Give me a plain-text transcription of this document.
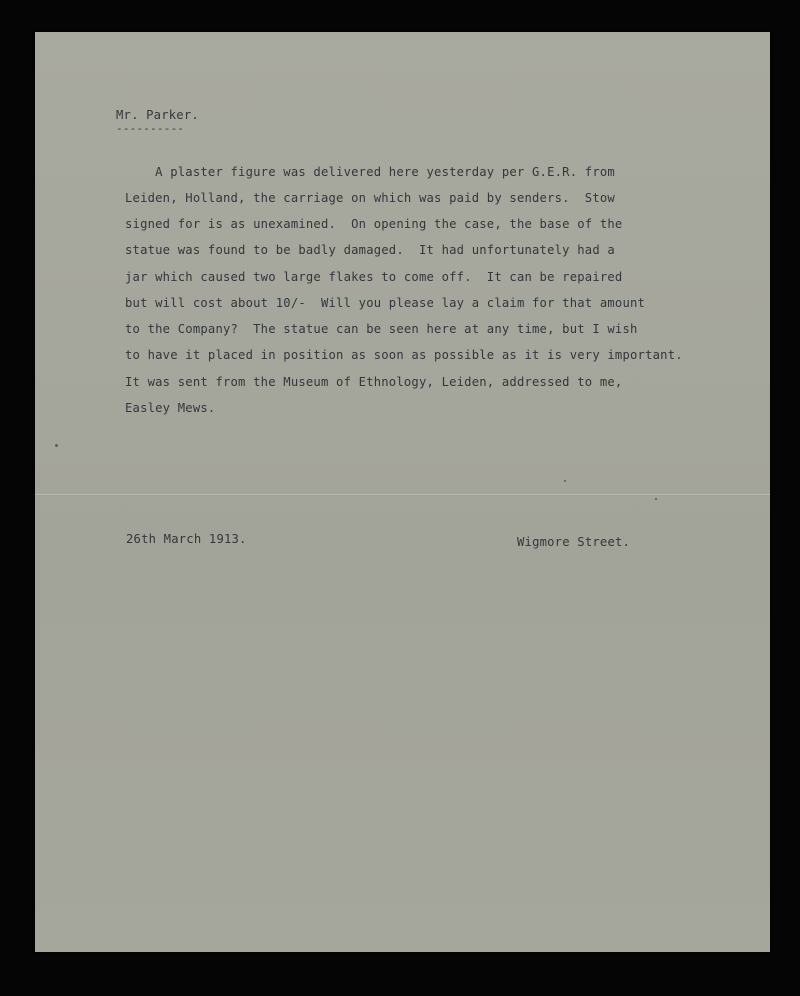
Mr. Parker.
----------
A plaster figure was delivered here yesterday per G.E.R. from
Leiden, Holland, the carriage on which was paid by senders.  Stow
signed for is as unexamined.  On opening the case, the base of the
statue was found to be badly damaged.  It had unfortunately had a
jar which caused two large flakes to come off.  It can be repaired
but will cost about 10/-  Will you please lay a claim for that amount
to the Company?  The statue can be seen here at any time, but I wish
to have it placed in position as soon as possible as it is very important.
It was sent from the Museum of Ethnology, Leiden, addressed to me,
Easley Mews.
26th March 1913.	Wigmore Street.
